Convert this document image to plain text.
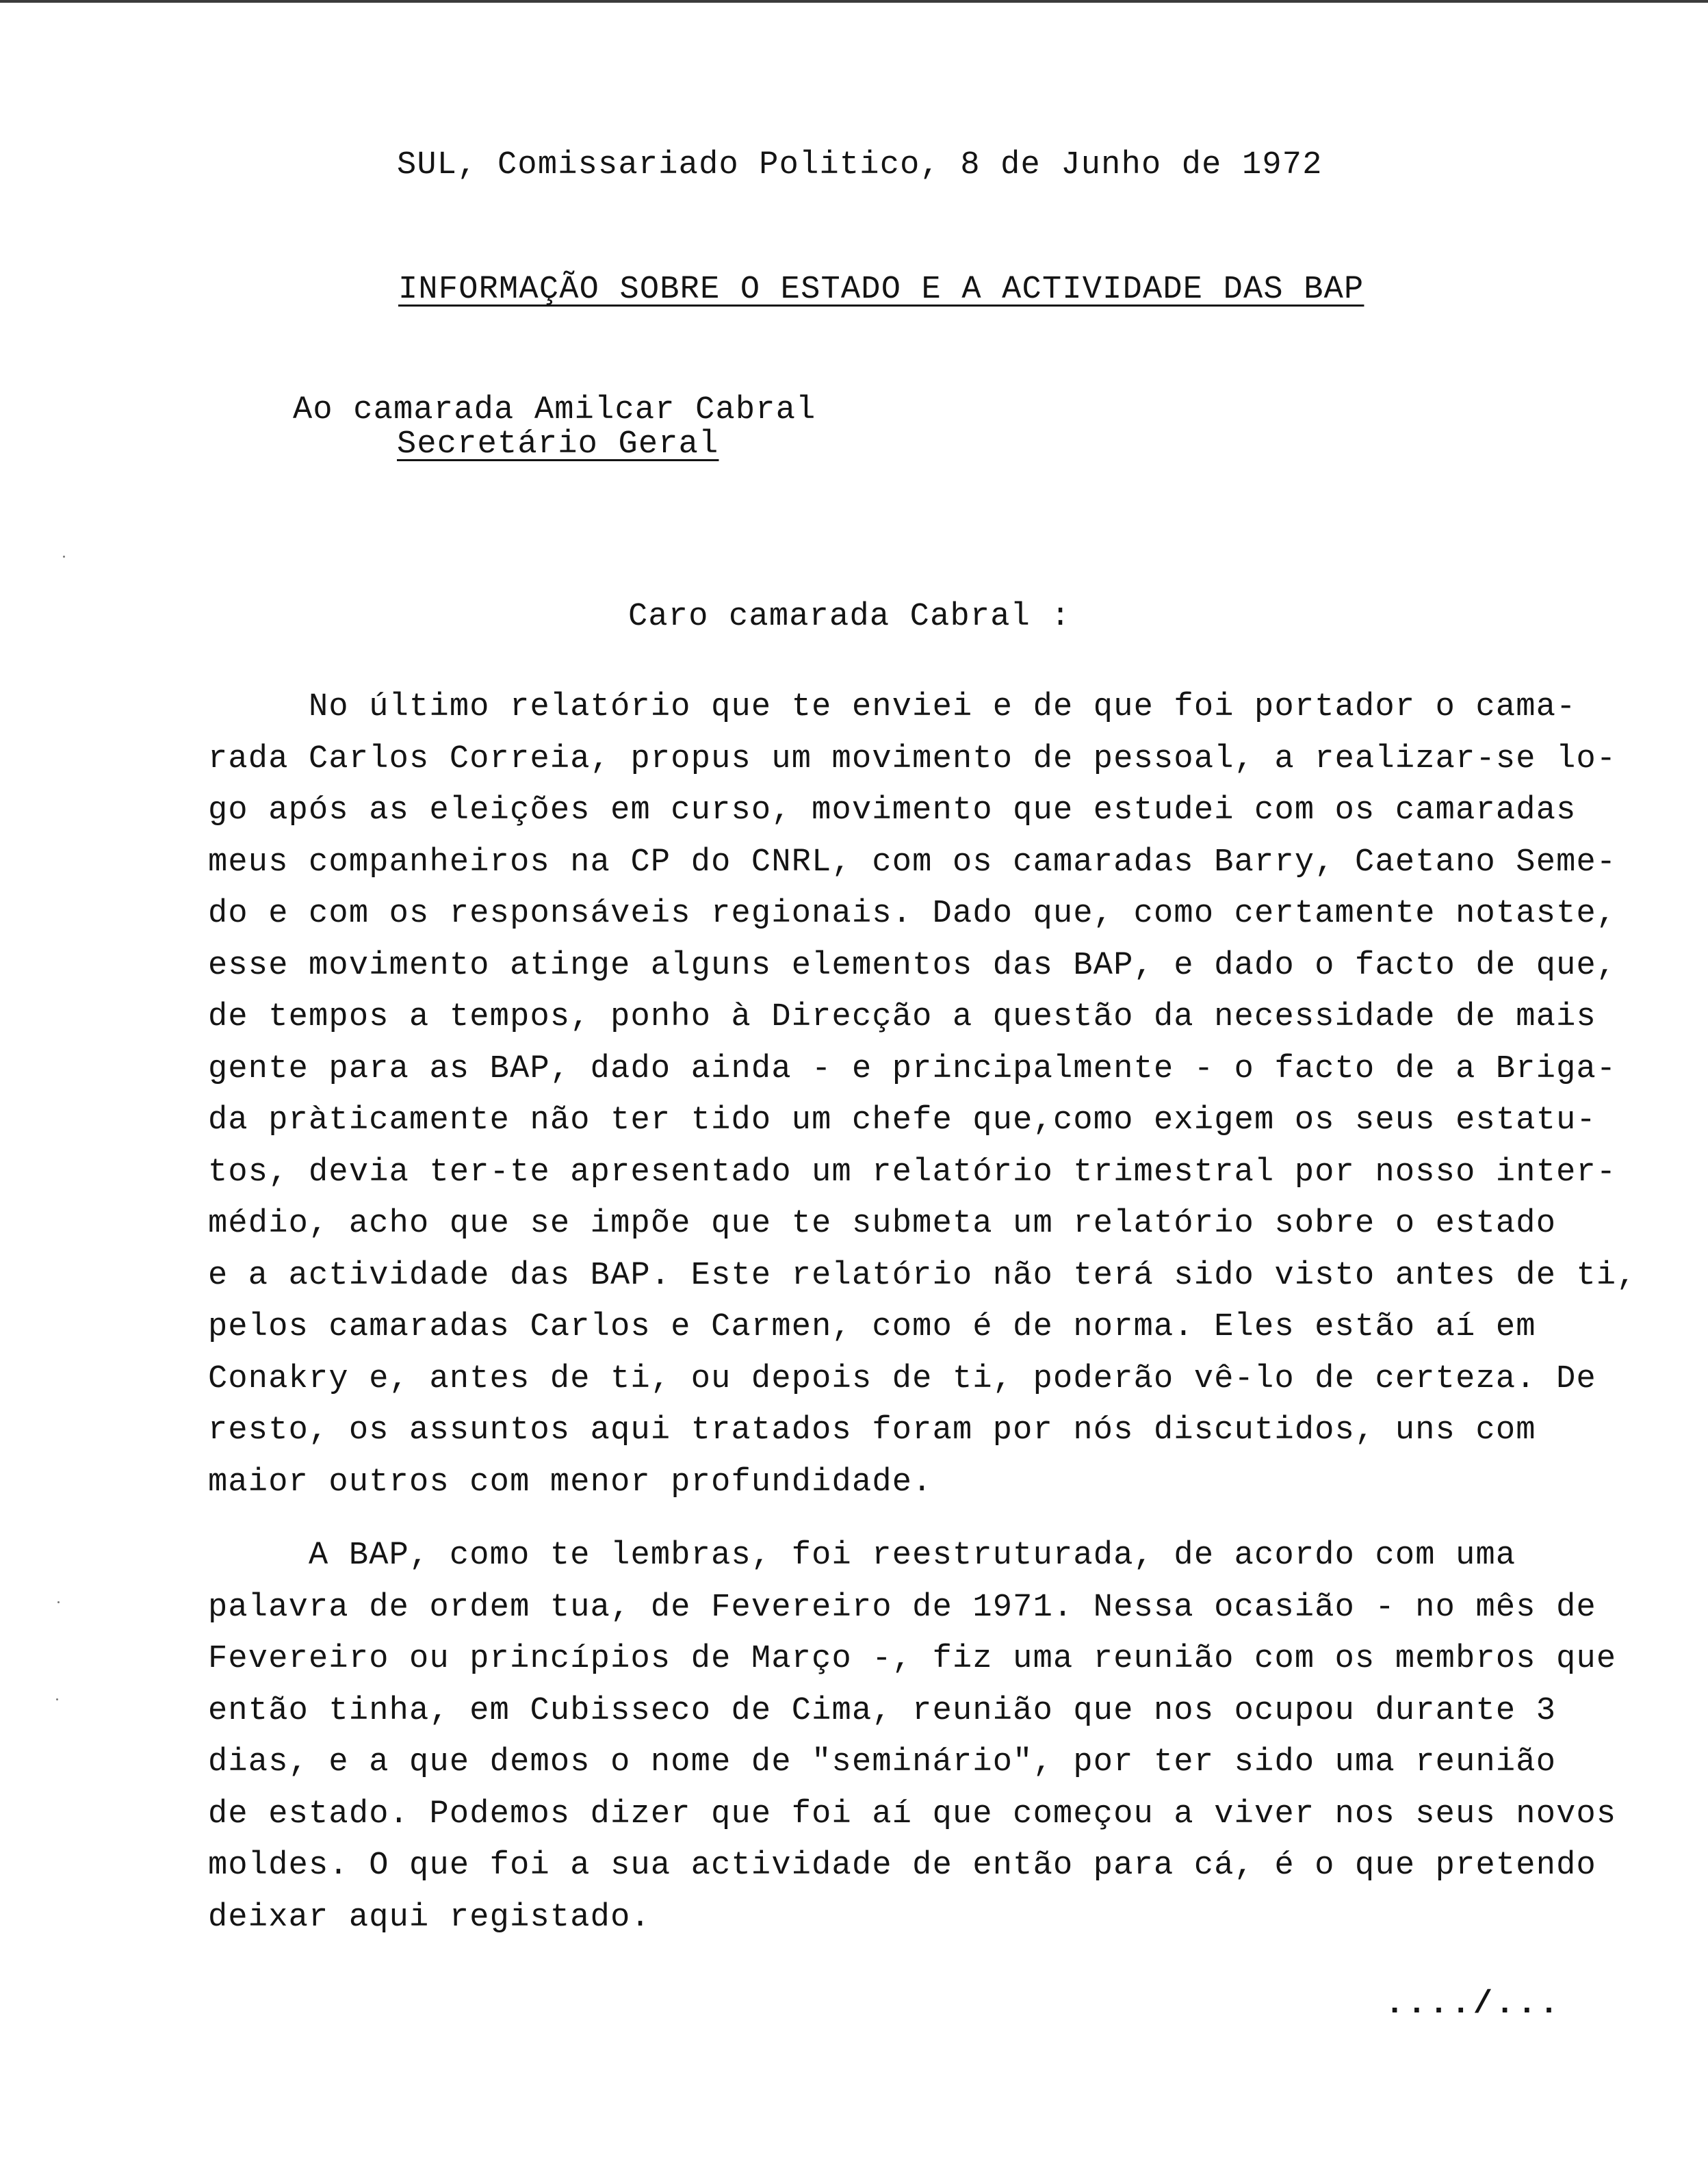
SUL, Comissariado Politico, 8 de Junho de 1972
INFORMAÇÃO SOBRE O ESTADO E A ACTIVIDADE DAS BAP
Ao camarada Amilcar Cabral
Secretário Geral
Caro camarada Cabral :
No último relatório que te enviei e de que foi portador o cama-
rada Carlos Correia, propus um movimento de pessoal, a realizar-se lo-
go após as eleições em curso, movimento que estudei com os camaradas
meus companheiros na CP do CNRL, com os camaradas Barry, Caetano Seme-
do e com os responsáveis regionais. Dado que, como certamente notaste,
esse movimento atinge alguns elementos das BAP, e dado o facto de que,
de tempos a tempos, ponho à Direcção a questão da necessidade de mais
gente para as BAP, dado ainda - e principalmente - o facto de a Briga-
da pràticamente não ter tido um chefe que,como exigem os seus estatu-
tos, devia ter-te apresentado um relatório trimestral por nosso inter-
médio, acho que se impõe que te submeta um relatório sobre o estado
e a actividade das BAP. Este relatório não terá sido visto antes de ti,
pelos camaradas Carlos e Carmen, como é de norma. Eles estão aí em
Conakry e, antes de ti, ou depois de ti, poderão vê-lo de certeza. De
resto, os assuntos aqui tratados foram por nós discutidos, uns com
maior outros com menor profundidade.
A BAP, como te lembras, foi reestruturada, de acordo com uma
palavra de ordem tua, de Fevereiro de 1971. Nessa ocasião - no mês de
Fevereiro ou princípios de Março -, fiz uma reunião com os membros que
então tinha, em Cubisseco de Cima, reunião que nos ocupou durante 3
dias, e a que demos o nome de "seminário", por ter sido uma reunião
de estado. Podemos dizer que foi aí que começou a viver nos seus novos
moldes. O que foi a sua actividade de então para cá, é o que pretendo
deixar aqui registado.
..../...
